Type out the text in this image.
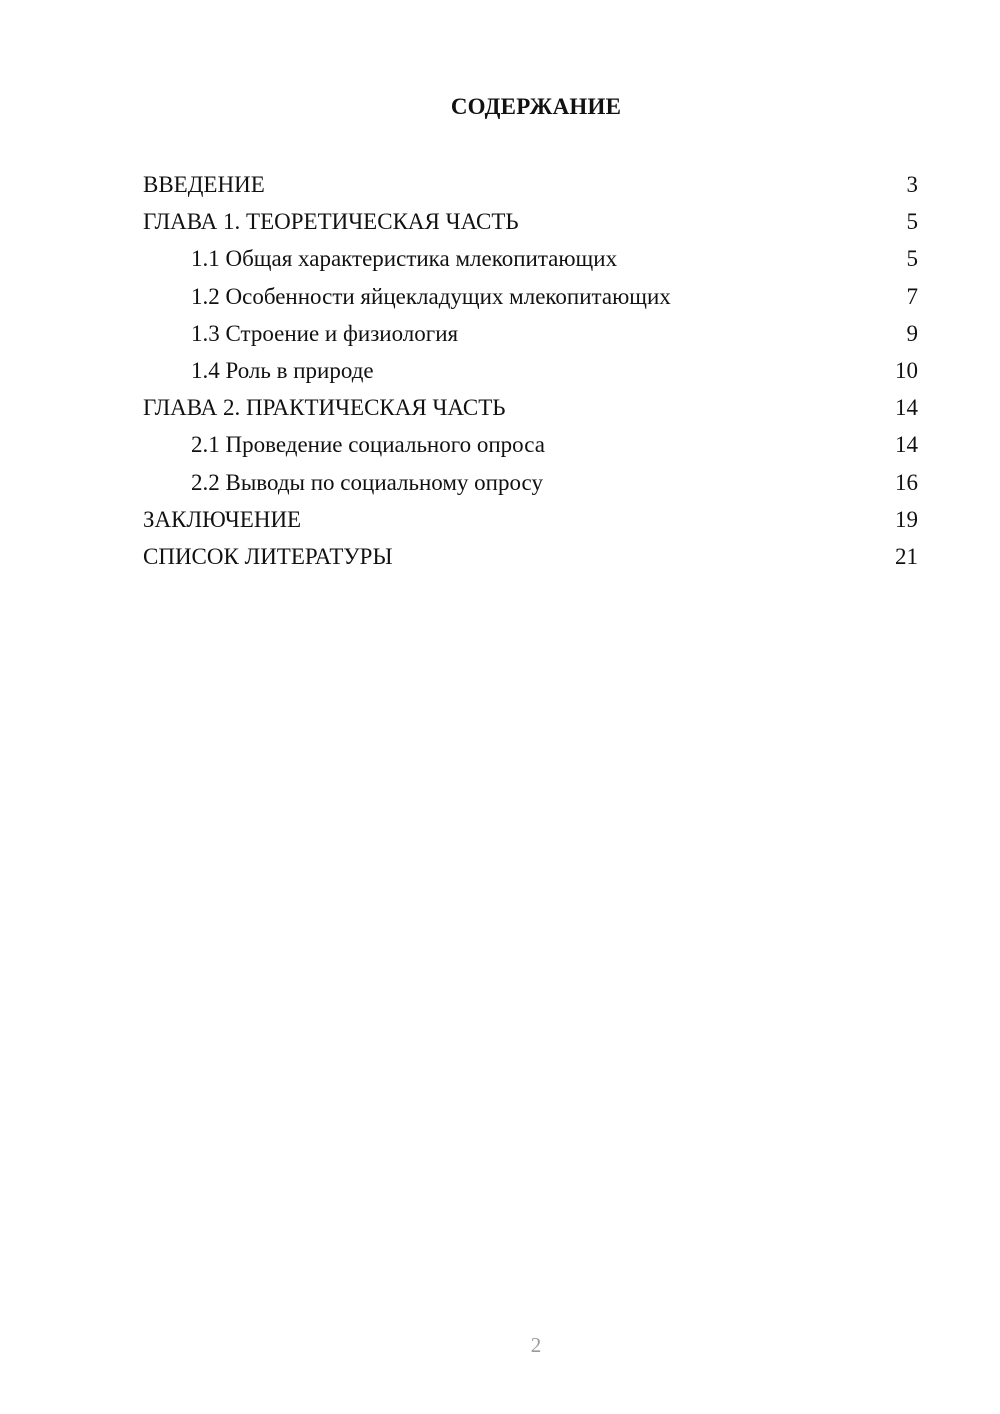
СОДЕРЖАНИЕ
ВВЕДЕНИЕ	3
ГЛАВА 1. ТЕОРЕТИЧЕСКАЯ ЧАСТЬ	5
1.1 Общая характеристика млекопитающих	5
1.2 Особенности яйцекладущих млекопитающих	7
1.3 Строение и физиология	9
1.4 Роль в природе	10
ГЛАВА 2. ПРАКТИЧЕСКАЯ ЧАСТЬ	14
2.1 Проведение социального опроса	14
2.2 Выводы по социальному опросу	16
ЗАКЛЮЧЕНИЕ	19
СПИСОК ЛИТЕРАТУРЫ	21
2
